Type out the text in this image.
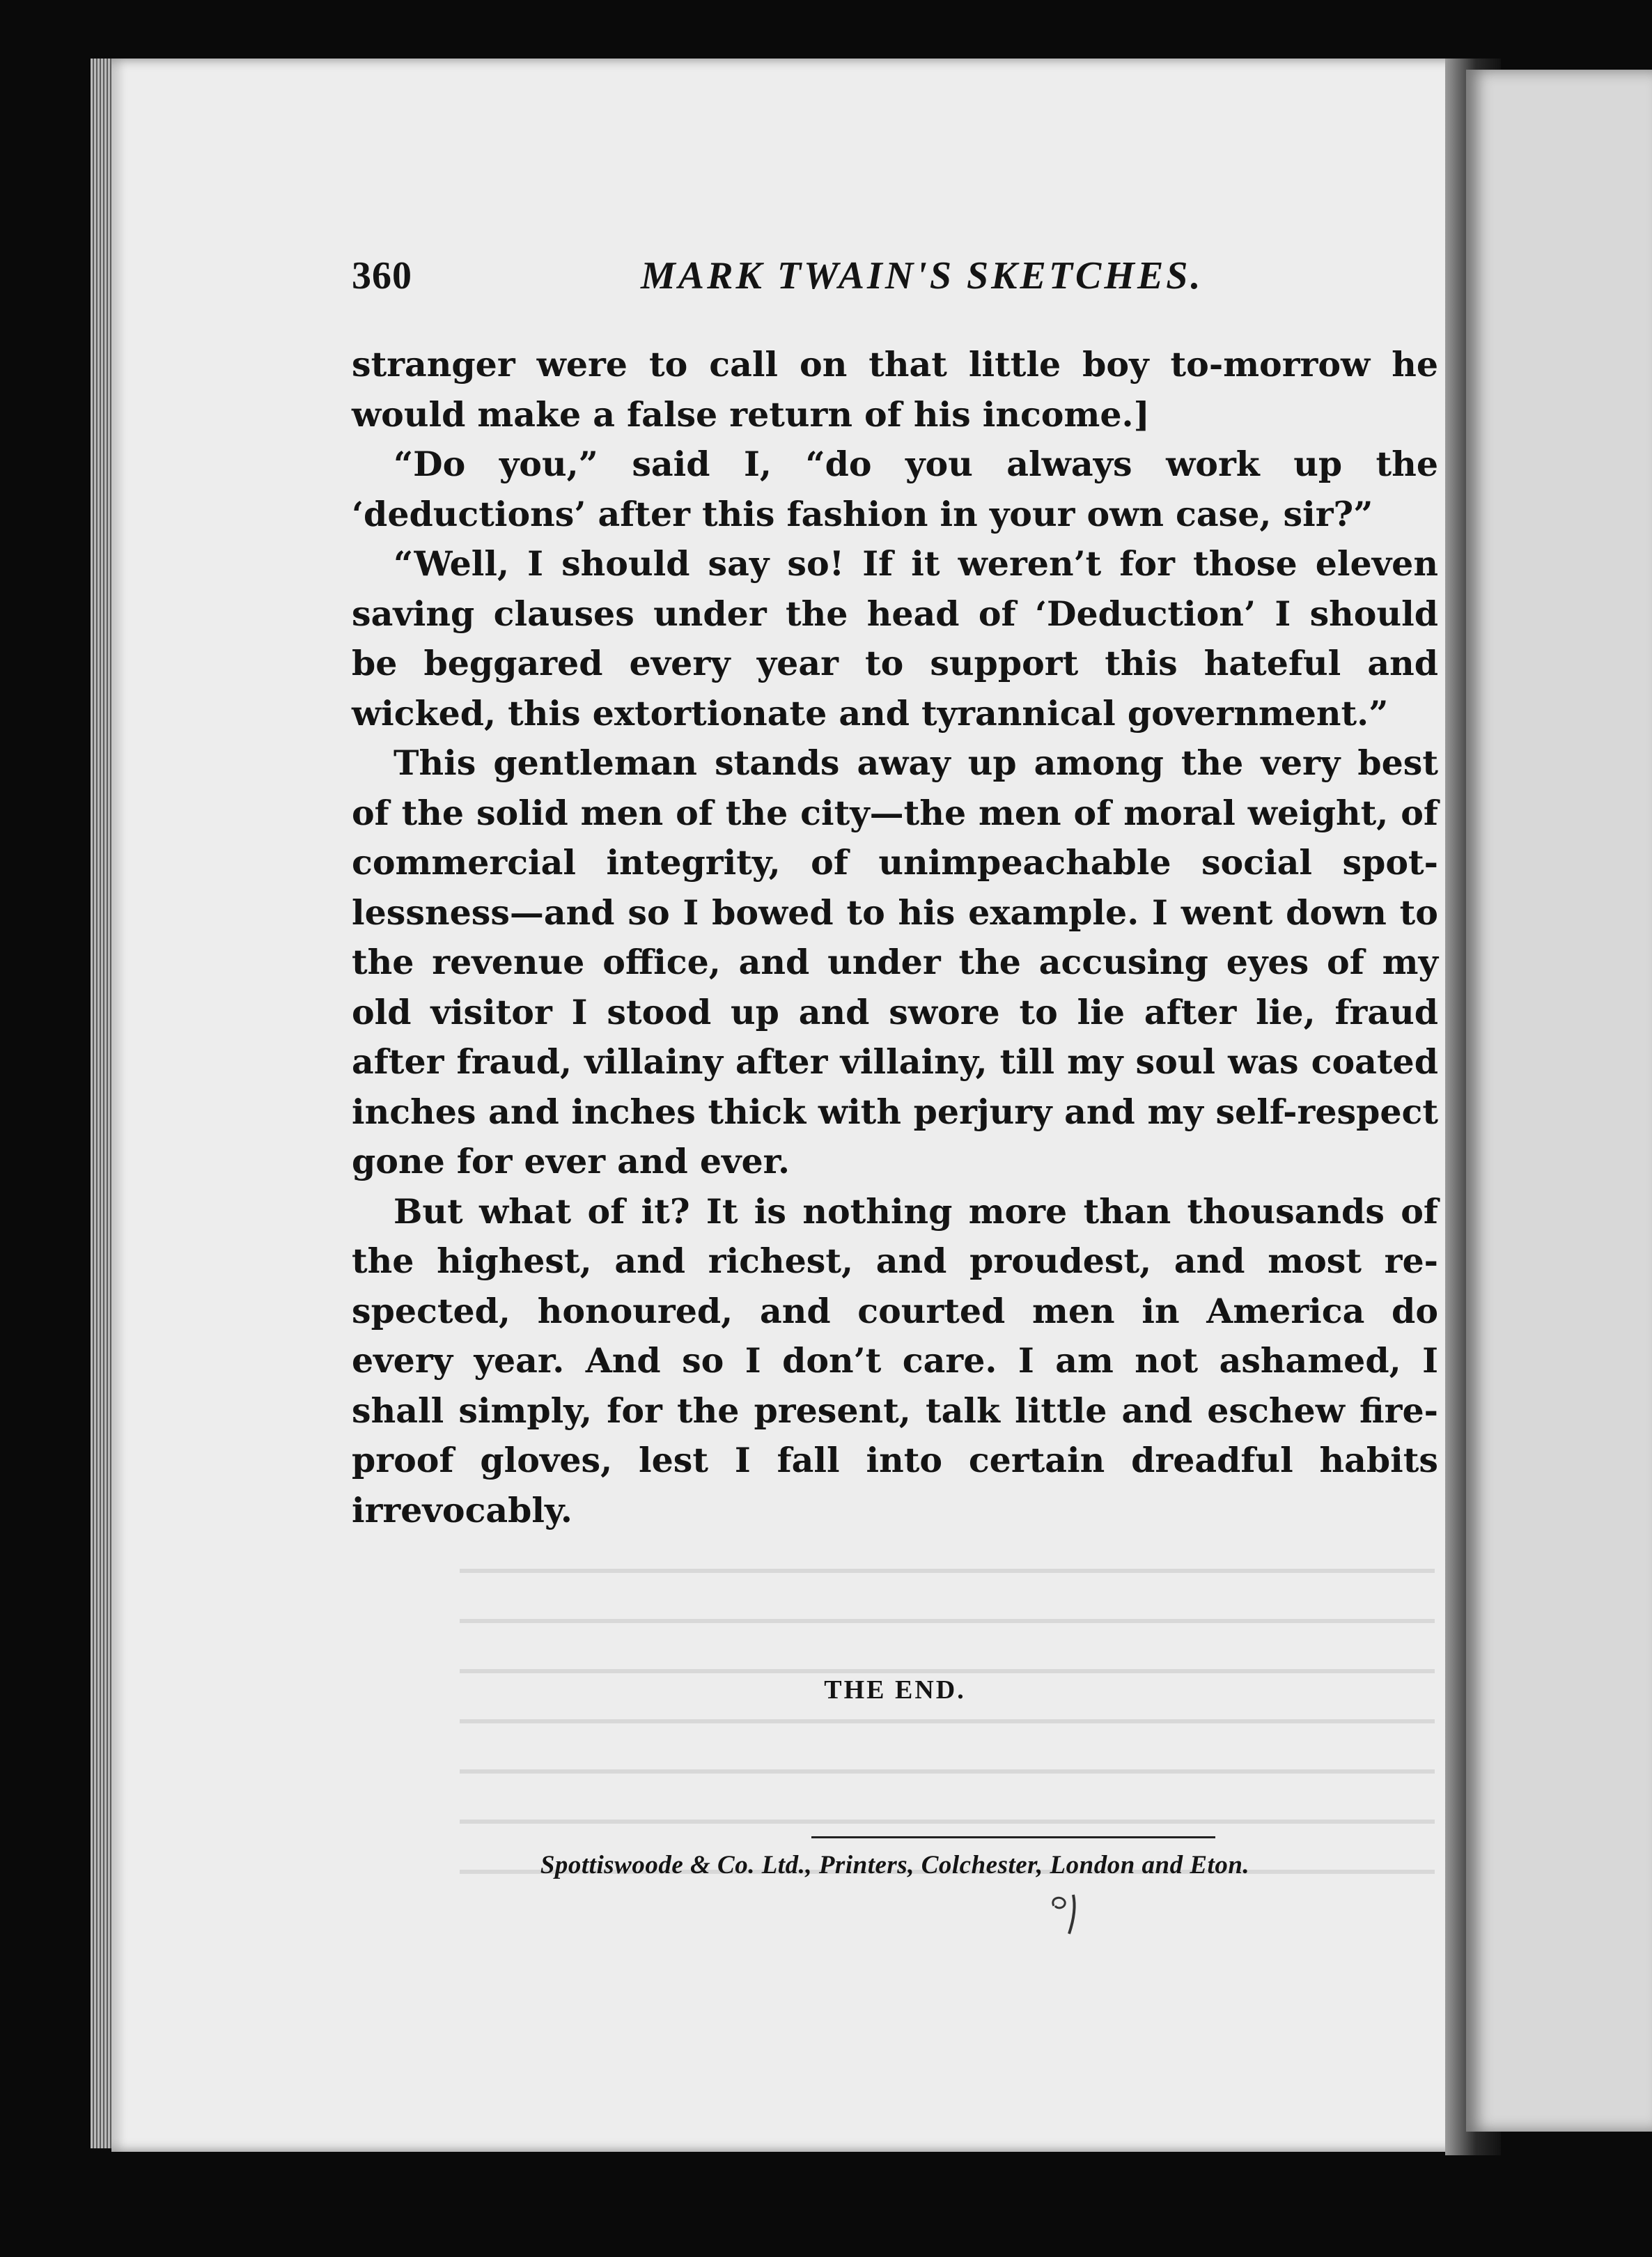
360	MARK TWAIN'S SKETCHES.

stranger were to call on that little boy to-morrow he would make a false return of his income.]

“Do you,” said I, “do you always work up the ‘deductions’ after this fashion in your own case, sir?”

“Well, I should say so! If it weren’t for those eleven saving clauses under the head of ‘Deduction’ I should be beggared every year to support this hateful and wicked, this extortionate and tyrannical government.”

This gentleman stands away up among the very best of the solid men of the city—the men of moral weight, of commercial integrity, of unimpeachable social spot-lessness—and so I bowed to his example. I went down to the revenue office, and under the accusing eyes of my old visitor I stood up and swore to lie after lie, fraud after fraud, villainy after villainy, till my soul was coated inches and inches thick with perjury and my self-respect gone for ever and ever.

But what of it? It is nothing more than thousands of the highest, and richest, and proudest, and most re-spected, honoured, and courted men in America do every year. And so I don’t care. I am not ashamed, I shall simply, for the present, talk little and eschew fire-proof gloves, lest I fall into certain dreadful habits irrevocably.

THE END.
Spottiswoode & Co. Ltd., Printers, Colchester, London and Eton.
